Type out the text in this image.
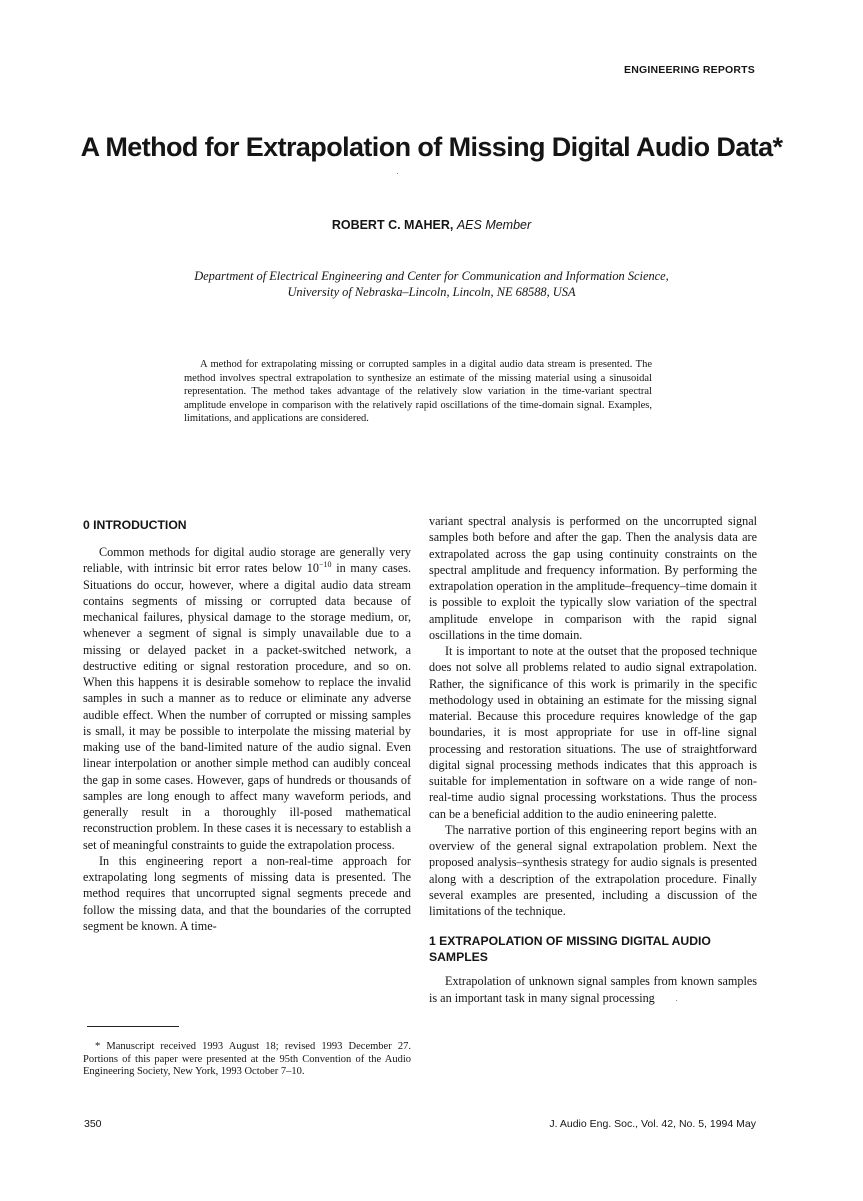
ENGINEERING REPORTS
A Method for Extrapolation of Missing Digital Audio Data*
ROBERT C. MAHER, AES Member
Department of Electrical Engineering and Center for Communication and Information Science,
University of Nebraska–Lincoln, Lincoln, NE 68588, USA
A method for extrapolating missing or corrupted samples in a digital audio data stream is presented. The method involves spectral extrapolation to synthesize an estimate of the missing material using a sinusoidal representation. The method takes advantage of the relatively slow variation in the time-variant spectral amplitude envelope in comparison with the relatively rapid oscillations of the time-domain signal. Examples, limitations, and applications are considered.
0 INTRODUCTION

Common methods for digital audio storage are generally very reliable, with intrinsic bit error rates below $10^{-10}$ in many cases. Situations do occur, however, where a digital audio data stream contains segments of missing or corrupted data because of mechanical failures, physical damage to the storage medium, or, whenever a segment of signal is simply unavailable due to a missing or delayed packet in a packet-switched network, a destructive editing or signal restoration procedure, and so on. When this happens it is desirable somehow to replace the invalid samples in such a manner as to reduce or eliminate any adverse audible effect. When the number of corrupted or missing samples is small, it may be possible to interpolate the missing material by making use of the band-limited nature of the audio signal. Even linear interpolation or another simple method can audibly conceal the gap in some cases. However, gaps of hundreds or thousands of samples are long enough to affect many waveform periods, and generally result in a thoroughly ill-posed mathematical reconstruction problem. In these cases it is necessary to establish a set of meaningful constraints to guide the extrapolation process.

In this engineering report a non-real-time approach for extrapolating long segments of missing data is presented. The method requires that uncorrupted signal segments precede and follow the missing data, and that the boundaries of the corrupted segment be known. A time-

variant spectral analysis is performed on the uncorrupted signal samples both before and after the gap. Then the analysis data are extrapolated across the gap using continuity constraints on the spectral amplitude and frequency information. By performing the extrapolation operation in the amplitude–frequency–time domain it is possible to exploit the typically slow variation of the spectral amplitude envelope in comparison with the rapid signal oscillations in the time domain.

It is important to note at the outset that the proposed technique does not solve all problems related to audio signal extrapolation. Rather, the significance of this work is primarily in the specific methodology used in obtaining an estimate for the missing signal material. Because this procedure requires knowledge of the gap boundaries, it is most appropriate for use in off-line signal processing and restoration situations. The use of straightforward digital signal processing methods indicates that this approach is suitable for implementation in software on a wide range of non-real-time audio signal processing workstations. Thus the process can be a beneficial addition to the audio enineering palette.

The narrative portion of this engineering report begins with an overview of the general signal extrapolation problem. Next the proposed analysis–synthesis strategy for audio signals is presented along with a description of the extrapolation procedure. Finally several examples are presented, including a discussion of the limitations of the technique.

1 EXTRAPOLATION OF MISSING DIGITAL AUDIO SAMPLES

Extrapolation of unknown signal samples from known samples is an important task in many signal processing

* Manuscript received 1993 August 18; revised 1993 December 27. Portions of this paper were presented at the 95th Convention of the Audio Engineering Society, New York, 1993 October 7–10.
350	J. Audio Eng. Soc., Vol. 42, No. 5, 1994 May
